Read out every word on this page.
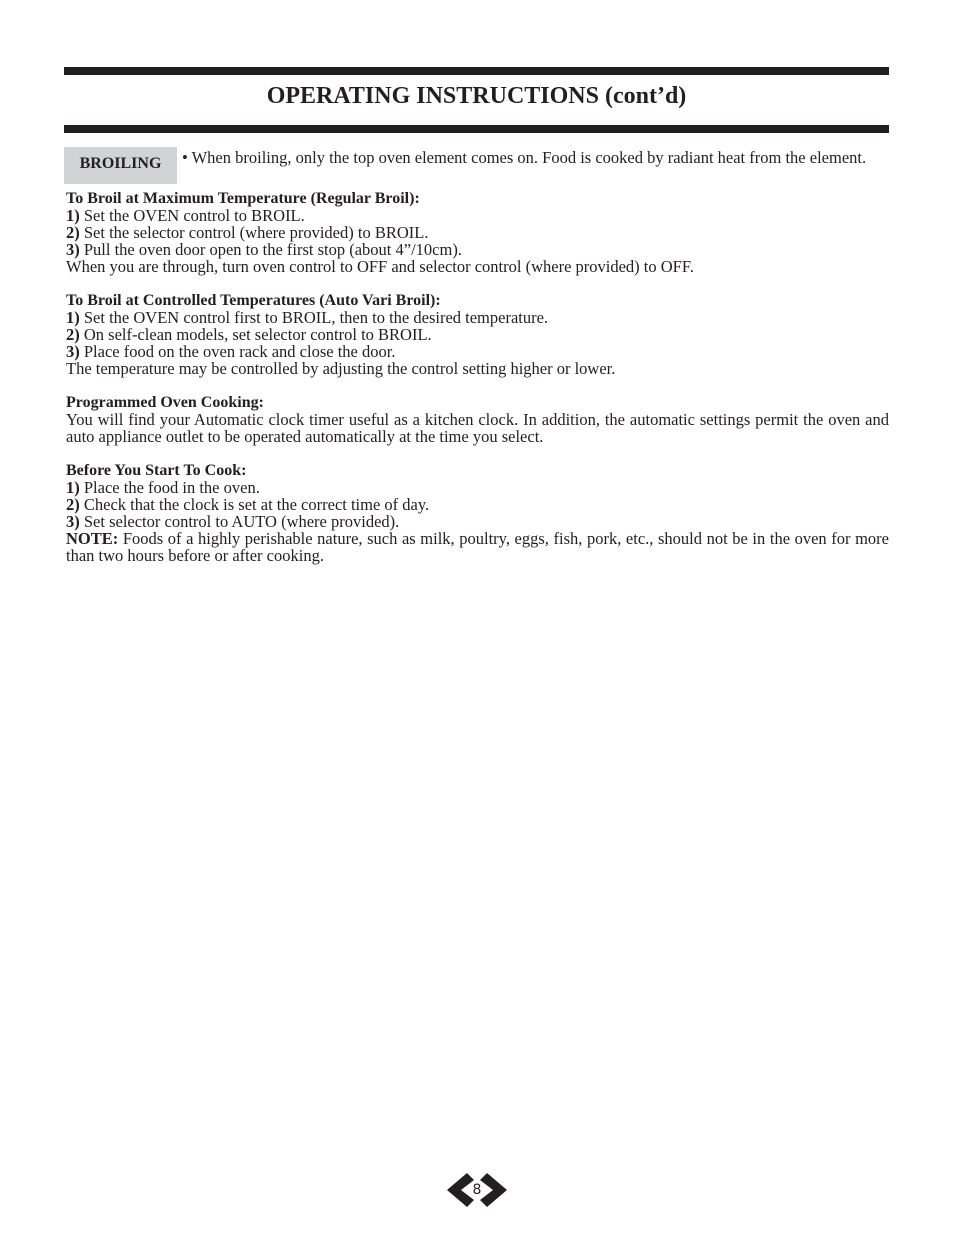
OPERATING INSTRUCTIONS (cont’d)
BROILING	• When broiling, only the top oven element comes on. Food is cooked by radiant heat from the element.

To Broil at Maximum Temperature (Regular Broil):

1) Set the OVEN control to BROIL.

2) Set the selector control (where provided) to BROIL.

3) Pull the oven door open to the first stop (about 4”/10cm).

When you are through, turn oven control to OFF and selector control (where provided) to OFF.

To Broil at Controlled Temperatures (Auto Vari Broil):

1) Set the OVEN control first to BROIL, then to the desired temperature.

2) On self-clean models, set selector control to BROIL.

3) Place food on the oven rack and close the door.

The temperature may be controlled by adjusting the control setting higher or lower.

Programmed Oven Cooking:

You will find your Automatic clock timer useful as a kitchen clock. In addition, the automatic settings permit the oven and auto appliance outlet to be operated automatically at the time you select.

Before You Start To Cook:

1) Place the food in the oven.

2) Check that the clock is set at the correct time of day.

3) Set selector control to AUTO (where provided).

NOTE: Foods of a highly perishable nature, such as milk, poultry, eggs, fish, pork, etc., should not be in the oven for more than two hours before or after cooking.

8
